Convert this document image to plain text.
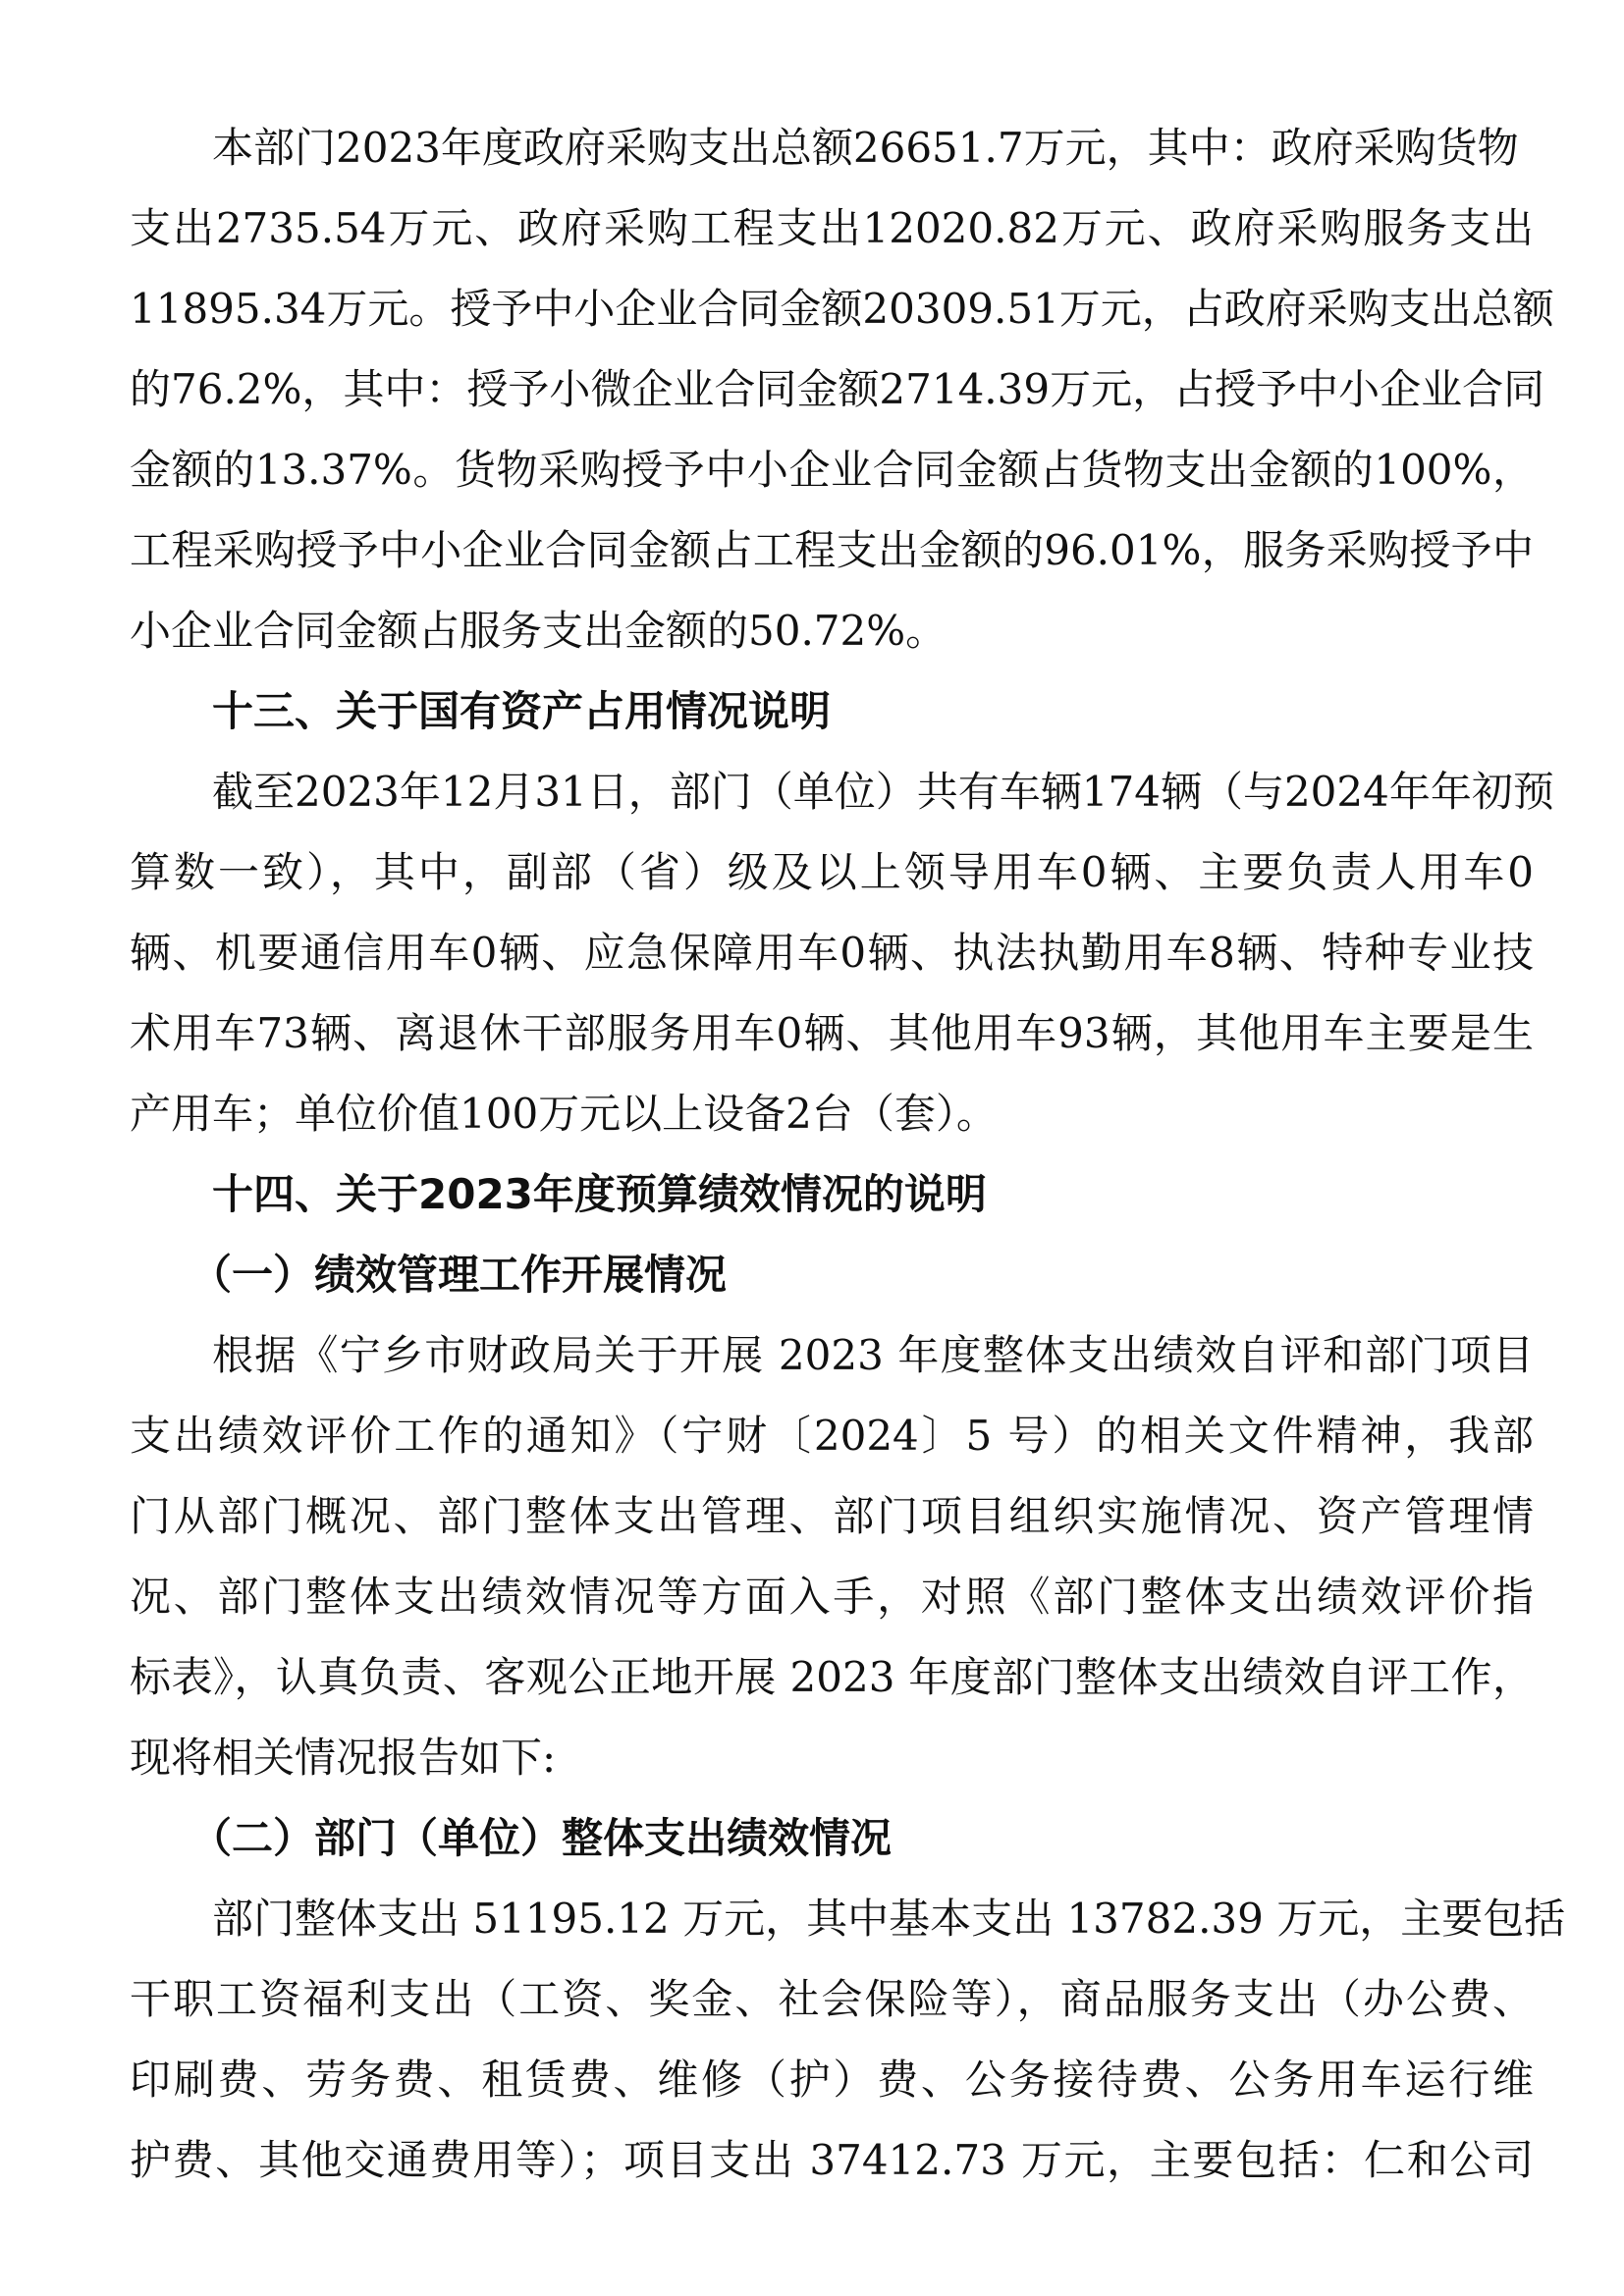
本部门2023年度政府采购支出总额26651.7万元，其中：政府采购货物
支出2735.54万元、政府采购工程支出12020.82万元、政府采购服务支出
11895.34万元。授予中小企业合同金额20309.51万元，占政府采购支出总额
的76.2%，其中：授予小微企业合同金额2714.39万元，占授予中小企业合同
金额的13.37%。货物采购授予中小企业合同金额占货物支出金额的100%，
工程采购授予中小企业合同金额占工程支出金额的96.01%，服务采购授予中
小企业合同金额占服务支出金额的50.72%。
十三、关于国有资产占用情况说明
截至2023年12月31日，部门（单位）共有车辆174辆（与2024年年初预
算数一致），其中，副部（省）级及以上领导用车0辆、主要负责人用车0
辆、机要通信用车0辆、应急保障用车0辆、执法执勤用车8辆、特种专业技
术用车73辆、离退休干部服务用车0辆、其他用车93辆，其他用车主要是生
产用车；单位价值100万元以上设备2台（套）。
十四、关于2023年度预算绩效情况的说明
（一）绩效管理工作开展情况
根据《宁乡市财政局关于开展 2023 年度整体支出绩效自评和部门项目
支出绩效评价工作的通知》（宁财〔2024〕5 号）的相关文件精神，我部
门从部门概况、部门整体支出管理、部门项目组织实施情况、资产管理情
况、部门整体支出绩效情况等方面入手，对照《部门整体支出绩效评价指
标表》，认真负责、客观公正地开展 2023 年度部门整体支出绩效自评工作，
现将相关情况报告如下:
（二）部门（单位）整体支出绩效情况
部门整体支出 51195.12 万元，其中基本支出 13782.39 万元，主要包括
干职工资福利支出（工资、奖金、社会保险等），商品服务支出（办公费、
印刷费、劳务费、租赁费、维修（护）费、公务接待费、公务用车运行维
护费、其他交通费用等）；项目支出 37412.73 万元，主要包括：仁和公司
